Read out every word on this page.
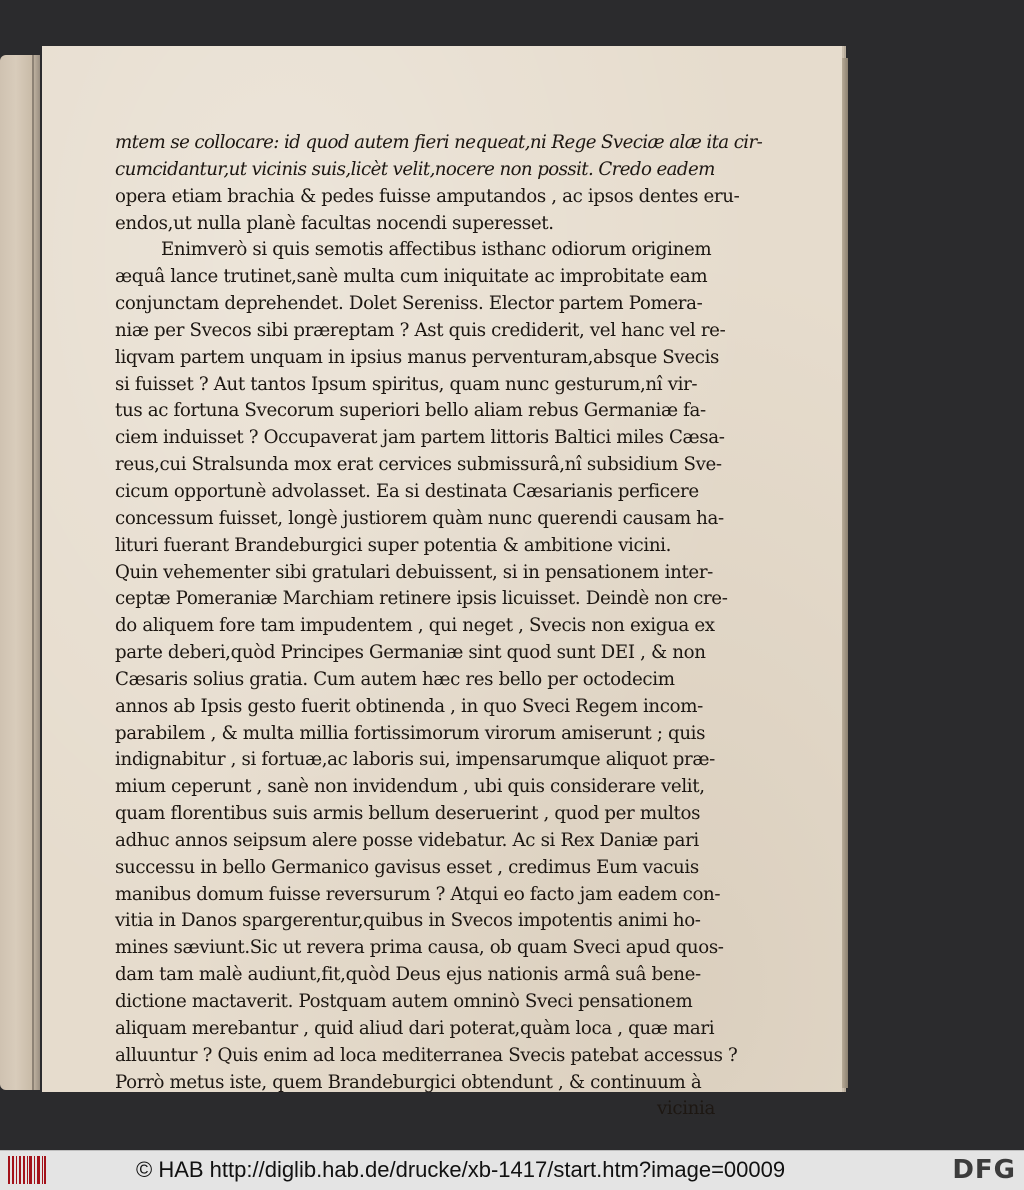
mtem se collocare: id quod autem fieri nequeat,ni Rege Sveciæ alæ ita cir-
cumcidantur,ut vicinis suis,licèt velit,nocere non possit. Credo eadem
opera etiam brachia & pedes fuisse amputandos , ac ipsos dentes eru-
endos,ut nulla planè facultas nocendi superesset.
Enimverò si quis semotis affectibus isthanc odiorum originem
æquâ lance trutinet,sanè multa cum iniquitate ac improbitate eam
conjunctam deprehendet. Dolet Sereniss. Elector partem Pomera-
niæ per Svecos sibi præreptam ? Ast quis crediderit, vel hanc vel re-
liqvam partem unquam in ipsius manus perventuram,absque Svecis
si fuisset ? Aut tantos Ipsum spiritus, quam nunc gesturum,nî vir-
tus ac fortuna Svecorum superiori bello aliam rebus Germaniæ fa-
ciem induisset ? Occupaverat jam partem littoris Baltici miles Cæsa-
reus,cui Stralsunda mox erat cervices submissurâ,nî subsidium Sve-
cicum opportunè advolasset. Ea si destinata Cæsarianis perficere
concessum fuisset, longè justiorem quàm nunc querendi causam ha-
lituri fuerant Brandeburgici super potentia & ambitione vicini.
Quin vehementer sibi gratulari debuissent, si in pensationem inter-
ceptæ Pomeraniæ Marchiam retinere ipsis licuisset. Deindè non cre-
do aliquem fore tam impudentem , qui neget , Svecis non exigua ex
parte deberi,quòd Principes Germaniæ sint quod sunt DEI , & non
Cæsaris solius gratia. Cum autem hæc res bello per octodecim
annos ab Ipsis gesto fuerit obtinenda , in quo Sveci Regem incom-
parabilem , & multa millia fortissimorum virorum amiserunt ; quis
indignabitur , si fortuæ,ac laboris sui, impensarumque aliquot præ-
mium ceperunt , sanè non invidendum , ubi quis considerare velit,
quam florentibus suis armis bellum deseruerint , quod per multos
adhuc annos seipsum alere posse videbatur. Ac si Rex Daniæ pari
successu in bello Germanico gavisus esset , credimus Eum vacuis
manibus domum fuisse reversurum ? Atqui eo facto jam eadem con-
vitia in Danos spargerentur,quibus in Svecos impotentis animi ho-
mines sæviunt.Sic ut revera prima causa, ob quam Sveci apud quos-
dam tam malè audiunt,fit,quòd Deus ejus nationis armâ suâ bene-
dictione mactaverit. Postquam autem omninò Sveci pensationem
aliquam merebantur , quid aliud dari poterat,quàm loca , quæ mari
alluuntur ? Quis enim ad loca mediterranea Svecis patebat accessus ?
Porrò metus iste, quem Brandeburgici obtendunt , & continuum à
vicinia
© HAB http://diglib.hab.de/drucke/xb-1417/start.htm?image=00009	DFG
